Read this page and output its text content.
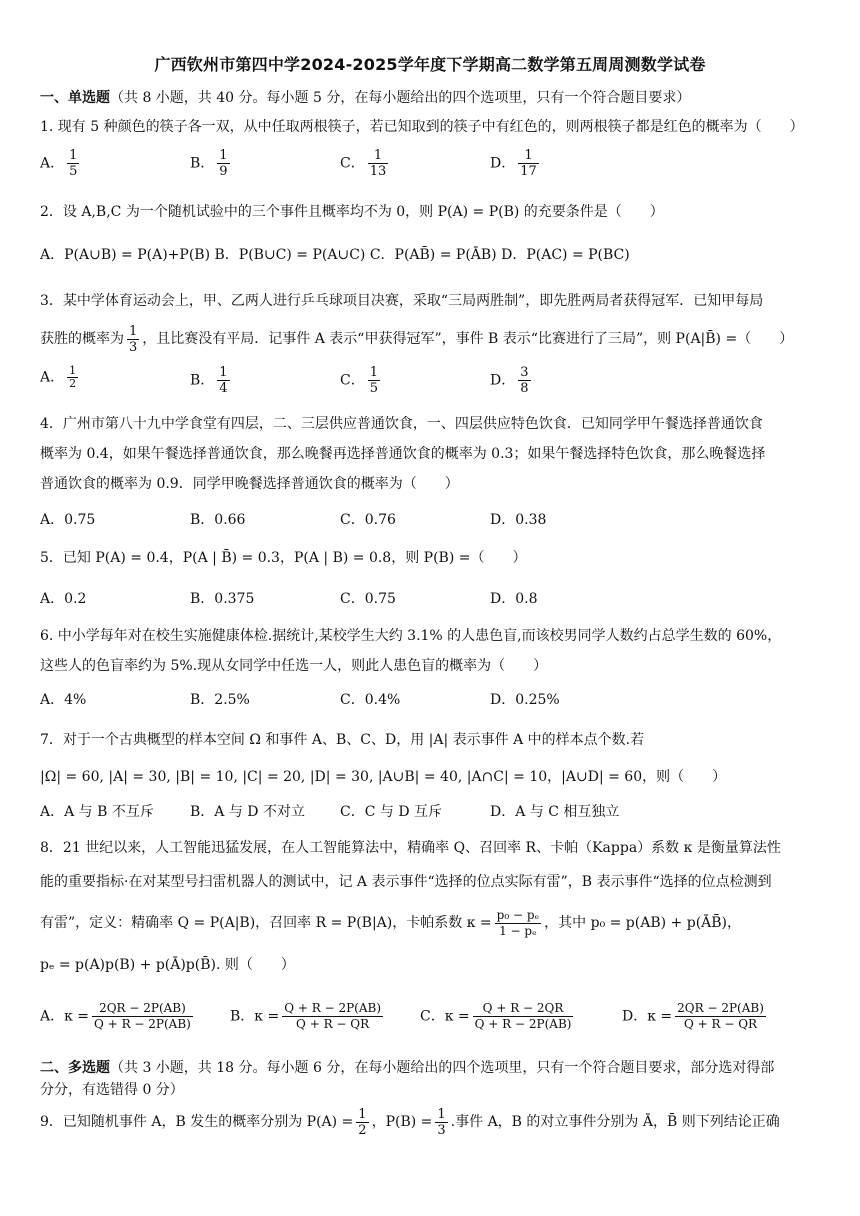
广西钦州市第四中学2024-2025学年度下学期高二数学第五周周测数学试卷
一、单选题（共 8 小题，共 40 分。每小题 5 分，在每小题给出的四个选项里，只有一个符合题目要求）
1. 现有 5 种颜色的筷子各一双，从中任取两根筷子，若已知取到的筷子中有红色的，则两根筷子都是红色的概率为（　　）
A． $\frac{1}{5}$	B． $\frac{1}{9}$	C． $\frac{1}{13}$	D． $\frac{1}{17}$
2．设 A,B,C 为一个随机试验中的三个事件且概率均不为 0，则 P(A) = P(B) 的充要条件是（　　）
A．P(A∪B) = P(A)+P(B) B．P(B∪C) = P(A∪C) C．P(AB̄) = P(ĀB) D．P(AC) = P(BC)
3．某中学体育运动会上，甲、乙两人进行乒乓球项目决赛，采取“三局两胜制”，即先胜两局者获得冠军．已知甲每局
获胜的概率为 $\frac{1}{3}$ ，且比赛没有平局．记事件 A 表示“甲获得冠军”，事件 B 表示“比赛进行了三局”，则 P(A|B̄) =（　　）
A． $\frac{1}{2}$	B． $\frac{1}{4}$	C． $\frac{1}{5}$	D． $\frac{3}{8}$
4．广州市第八十九中学食堂有四层，二、三层供应普通饮食，一、四层供应特色饮食．已知同学甲午餐选择普通饮食
概率为 0.4，如果午餐选择普通饮食，那么晚餐再选择普通饮食的概率为 0.3；如果午餐选择特色饮食，那么晚餐选择
普通饮食的概率为 0.9．同学甲晚餐选择普通饮食的概率为（　　）
A．0.75	B．0.66	C．0.76	D．0.38
5．已知 P(A) = 0.4，P(A | B̄) = 0.3，P(A | B) = 0.8，则 P(B) =（　　）
A．0.2	B．0.375	C．0.75	D．0.8
6. 中小学每年对在校生实施健康体检.据统计,某校学生大约 3.1% 的人患色盲,而该校男同学人数约占总学生数的 60%，
这些人的色盲率约为 5%.现从女同学中任选一人，则此人患色盲的概率为（　　）
A．4%	B．2.5%	C．0.4%	D．0.25%
7．对于一个古典概型的样本空间 Ω 和事件 A、B、C、D，用 |A| 表示事件 A 中的样本点个数.若
|Ω| = 60, |A| = 30, |B| = 10, |C| = 20, |D| = 30, |A∪B| = 40, |A∩C| = 10，|A∪D| = 60，则（　　）
A．A 与 B 不互斥	B．A 与 D 不对立	C．C 与 D 互斥	D．A 与 C 相互独立
8．21 世纪以来，人工智能迅猛发展，在人工智能算法中，精确率 Q、召回率 R、卡帕（Kappa）系数 κ 是衡量算法性
能的重要指标·在对某型号扫雷机器人的测试中，记 A 表示事件“选择的位点实际有雷”，B 表示事件“选择的位点检测到
有雷”，定义：精确率 Q = P(A|B)，召回率 R = P(B|A)，卡帕系数 $\kappa = \frac{\text{p₀ − pₑ}}{\text{1 − pₑ}}$ ，其中 p₀ = p(AB) + p(ĀB̄)，
pₑ = p(A)p(B) + p(Ā)p(B̄). 则（　　）
A．$\kappa = \frac{2QR - 2P(AB)}{Q + R - 2P(AB)}$	B．$\kappa = \frac{Q + R - 2P(AB)}{Q + R - QR}$	C．$\kappa = \frac{Q + R - 2QR}{Q + R - 2P(AB)}$	D．$\kappa = \frac{2QR - 2P(AB)}{Q + R - QR}$
二、多选题（共 3 小题，共 18 分。每小题 6 分，在每小题给出的四个选项里，只有一个符合题目要求，部分选对得部
分分，有选错得 0 分）
9．已知随机事件 A，B 发生的概率分别为 $P(A) = \frac{1}{2}$ ，$P(B) = \frac{1}{3}$ .事件 A，B 的对立事件分别为 Ā，B̄ 则下列结论正确
